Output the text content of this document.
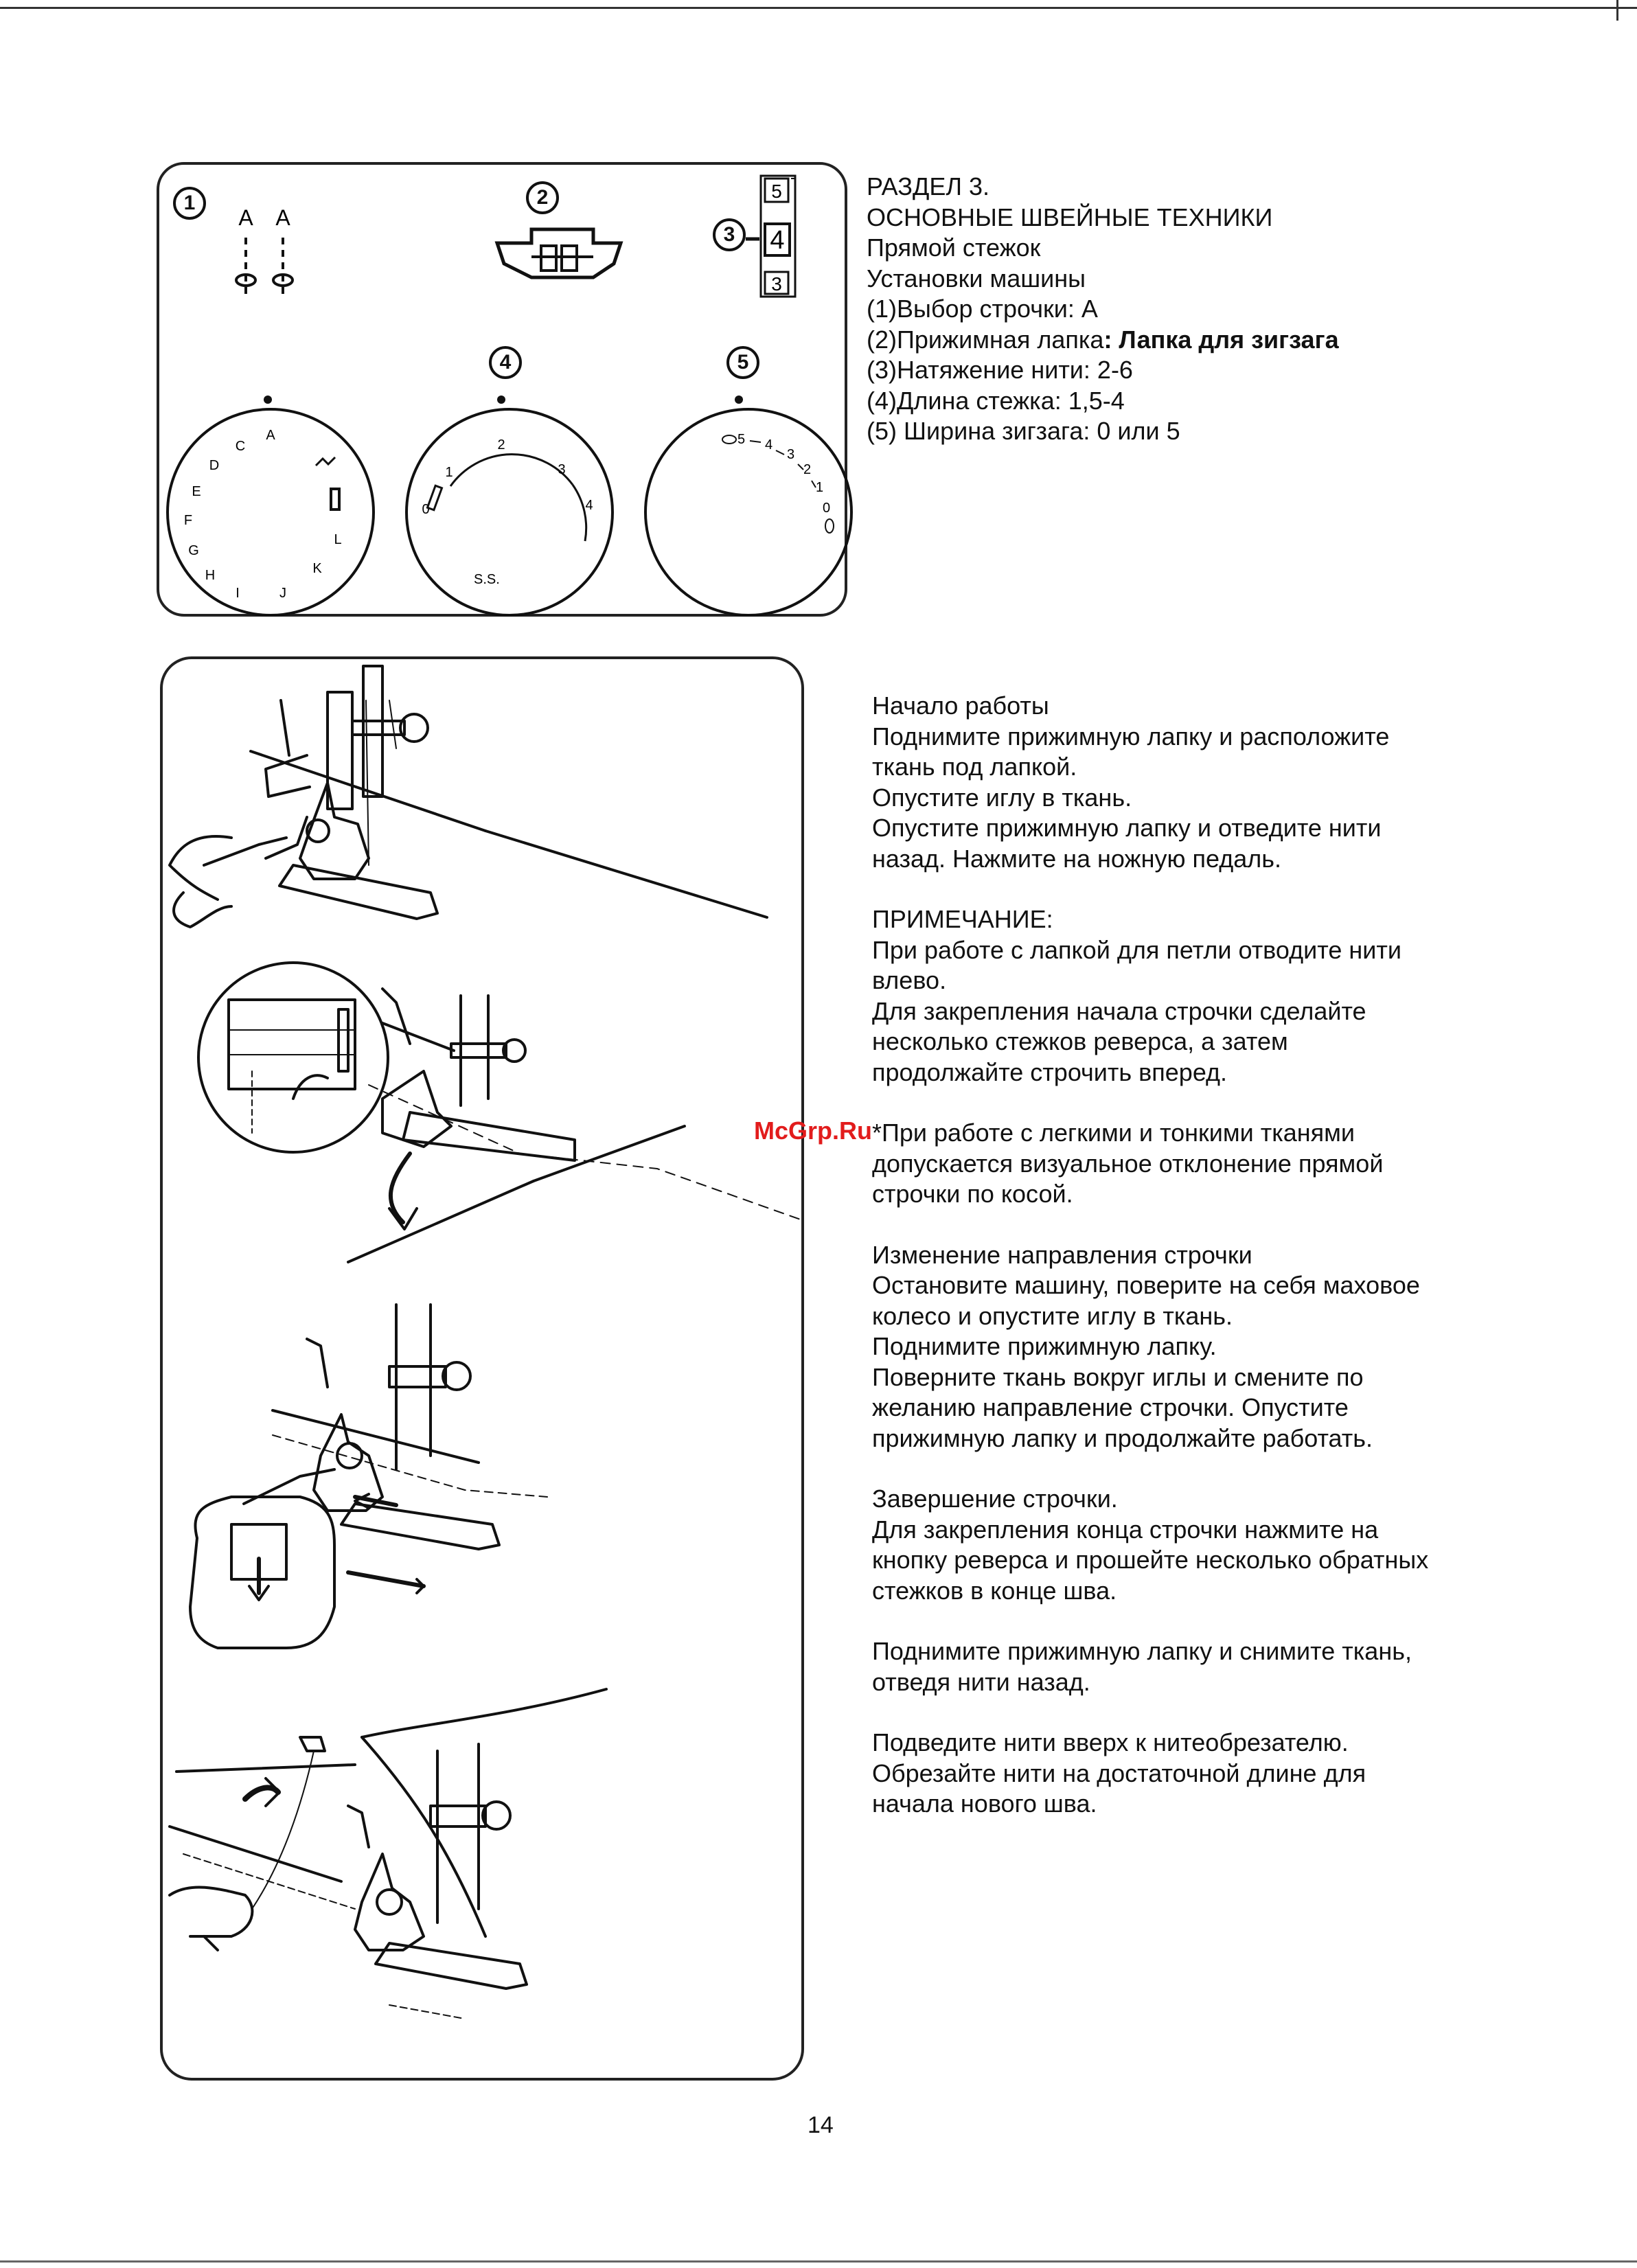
1	2
3
4	5
A A
5
4
3
A
C
D
E
F
G
H
I	J
K
L
0
1
2
3
4
S.S.
5 4
3
2
1
0
РАЗДЕЛ 3.
ОСНОВНЫЕ ШВЕЙНЫЕ ТЕХНИКИ
Прямой стежок
Установки машины
(1)Выбор строчки: А
(2)Прижимная лапка: Лапка для зигзага
(3)Натяжение нити: 2-6
(4)Длина стежка: 1,5-4
(5) Ширина зигзага: 0 или 5
Начало работы
Поднимите прижимную лапку и расположите
ткань под лапкой.
Опустите иглу в ткань.
Опустите прижимную лапку и отведите нити
назад. Нажмите на ножную педаль.
ПРИМЕЧАНИЕ:
При работе с лапкой для петли отводите нити
влево.
Для закрепления начала строчки сделайте
несколько стежков реверса, а затем
продолжайте строчить вперед.
*При работе с легкими и тонкими тканями
допускается визуальное отклонение прямой
строчки по косой.
Изменение направления строчки
Остановите машину, поверите на себя маховое
колесо и опустите иглу в ткань.
Поднимите прижимную лапку.
Поверните ткань вокруг иглы и смените по
желанию направление строчки. Опустите
прижимную лапку и продолжайте работать.
Завершение строчки.
Для закрепления конца строчки нажмите на
кнопку реверса и прошейте несколько обратных
стежков в конце шва.
Поднимите прижимную лапку и снимите ткань,
отведя нити назад.
Подведите нити вверх к нитеобрезателю.
Обрезайте нити на достаточной длине для
начала нового шва.
McGrp.Ru
14
